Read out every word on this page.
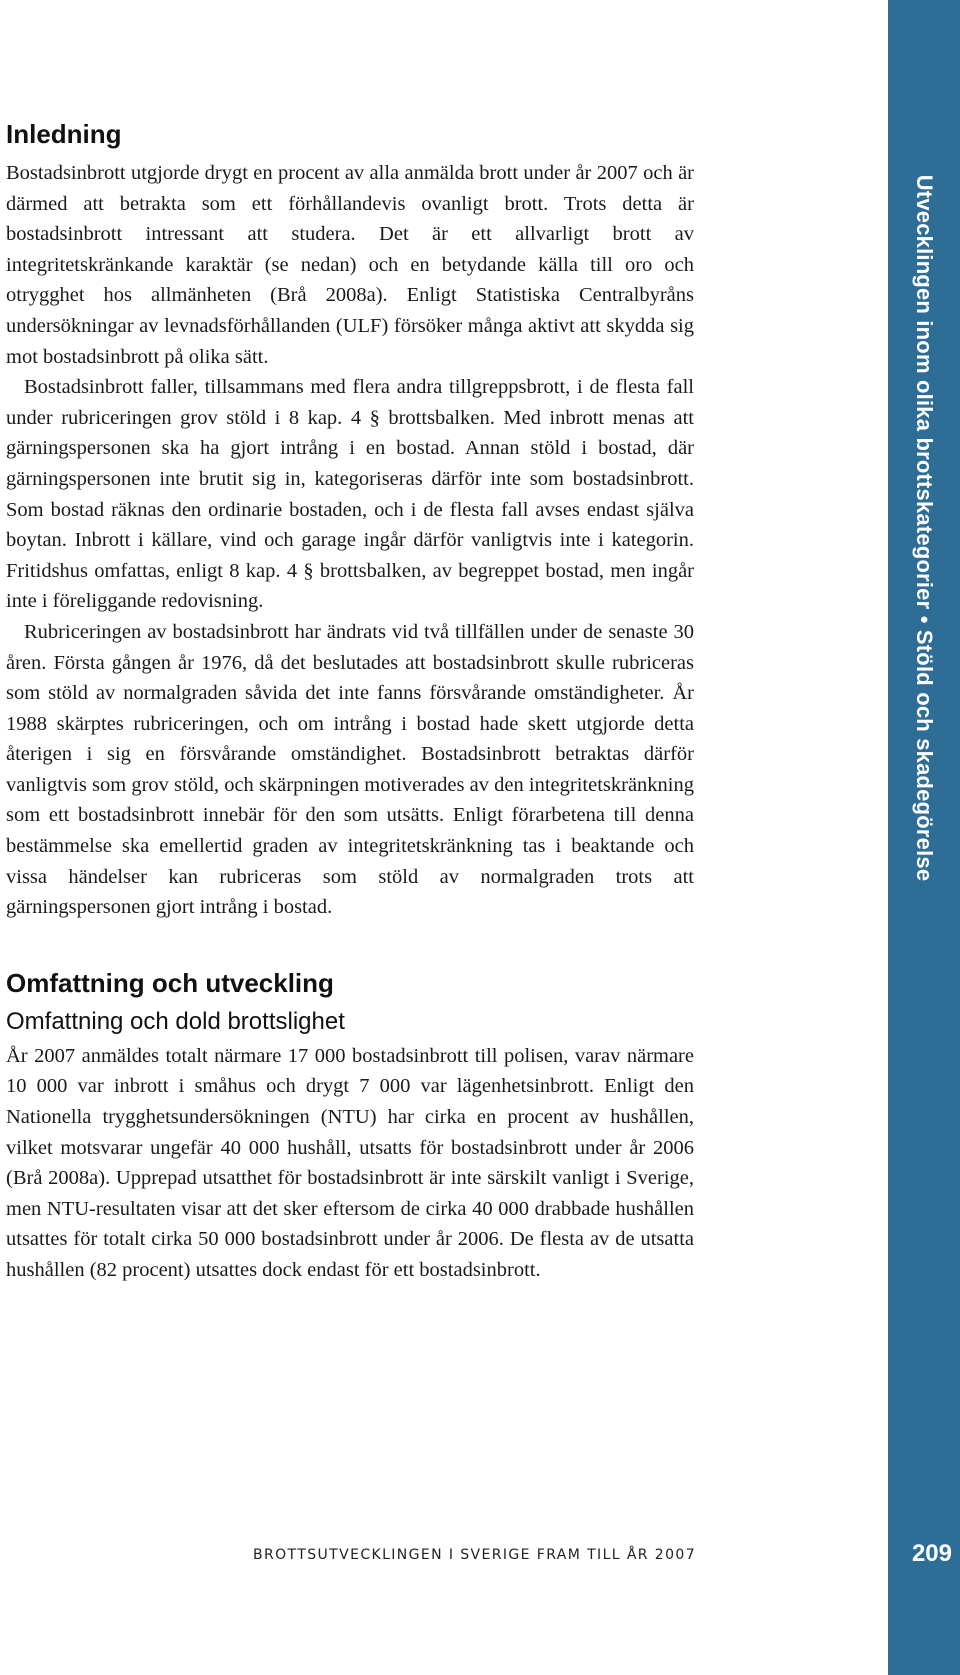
Inledning

Bostadsinbrott utgjorde drygt en procent av alla anmälda brott under år 2007 och är därmed att betrakta som ett förhållandevis ovanligt brott. Trots detta är bostadsinbrott intressant att studera. Det är ett allvarligt brott av integritetskränkande karaktär (se nedan) och en betydande källa till oro och otrygghet hos allmänheten (Brå 2008a). Enligt Statistiska Centralbyråns undersökningar av levnadsförhållanden (ULF) försöker många aktivt att skydda sig mot bostadsinbrott på olika sätt.

Bostadsinbrott faller, tillsammans med flera andra tillgreppsbrott, i de flesta fall under rubriceringen grov stöld i 8 kap. 4 § brottsbalken. Med inbrott menas att gärningspersonen ska ha gjort intrång i en bostad. Annan stöld i bostad, där gärningspersonen inte brutit sig in, kategoriseras därför inte som bostadsinbrott. Som bostad räknas den ordinarie bostaden, och i de flesta fall avses endast själva boytan. Inbrott i källare, vind och garage ingår därför vanligtvis inte i kategorin. Fritidshus omfattas, enligt 8 kap. 4 § brottsbalken, av begreppet bostad, men ingår inte i föreliggande redovisning.

Rubriceringen av bostadsinbrott har ändrats vid två tillfällen under de senaste 30 åren. Första gången år 1976, då det beslutades att bostadsinbrott skulle rubriceras som stöld av normalgraden såvida det inte fanns försvårande omständigheter. År 1988 skärptes rubriceringen, och om intrång i bostad hade skett utgjorde detta återigen i sig en försvårande omständighet. Bostadsinbrott betraktas därför vanligtvis som grov stöld, och skärpningen motiverades av den integritetskränkning som ett bostadsinbrott innebär för den som utsätts. Enligt förarbetena till denna bestämmelse ska emellertid graden av integritetskränkning tas i beaktande och vissa händelser kan rubriceras som stöld av normalgraden trots att gärningspersonen gjort intrång i bostad.

Omfattning och utveckling
Omfattning och dold brottslighet

År 2007 anmäldes totalt närmare 17 000 bostadsinbrott till polisen, varav närmare 10 000 var inbrott i småhus och drygt 7 000 var lägenhetsinbrott. Enligt den Nationella trygghetsundersökningen (NTU) har cirka en procent av hushållen, vilket motsvarar ungefär 40 000 hushåll, utsatts för bostadsinbrott under år 2006 (Brå 2008a). Upprepad utsatthet för bostadsinbrott är inte särskilt vanligt i Sverige, men NTU-resultaten visar att det sker eftersom de cirka 40 000 drabbade hushållen utsattes för totalt cirka 50 000 bostadsinbrott under år 2006. De flesta av de utsatta hushållen (82 procent) utsattes dock endast för ett bostadsinbrott.

BROTTSUTVECKLINGEN I SVERIGE FRAM TILL ÅR 2007
Utvecklingen inom olika brottskategorier • Stöld och skadegörelse
209
